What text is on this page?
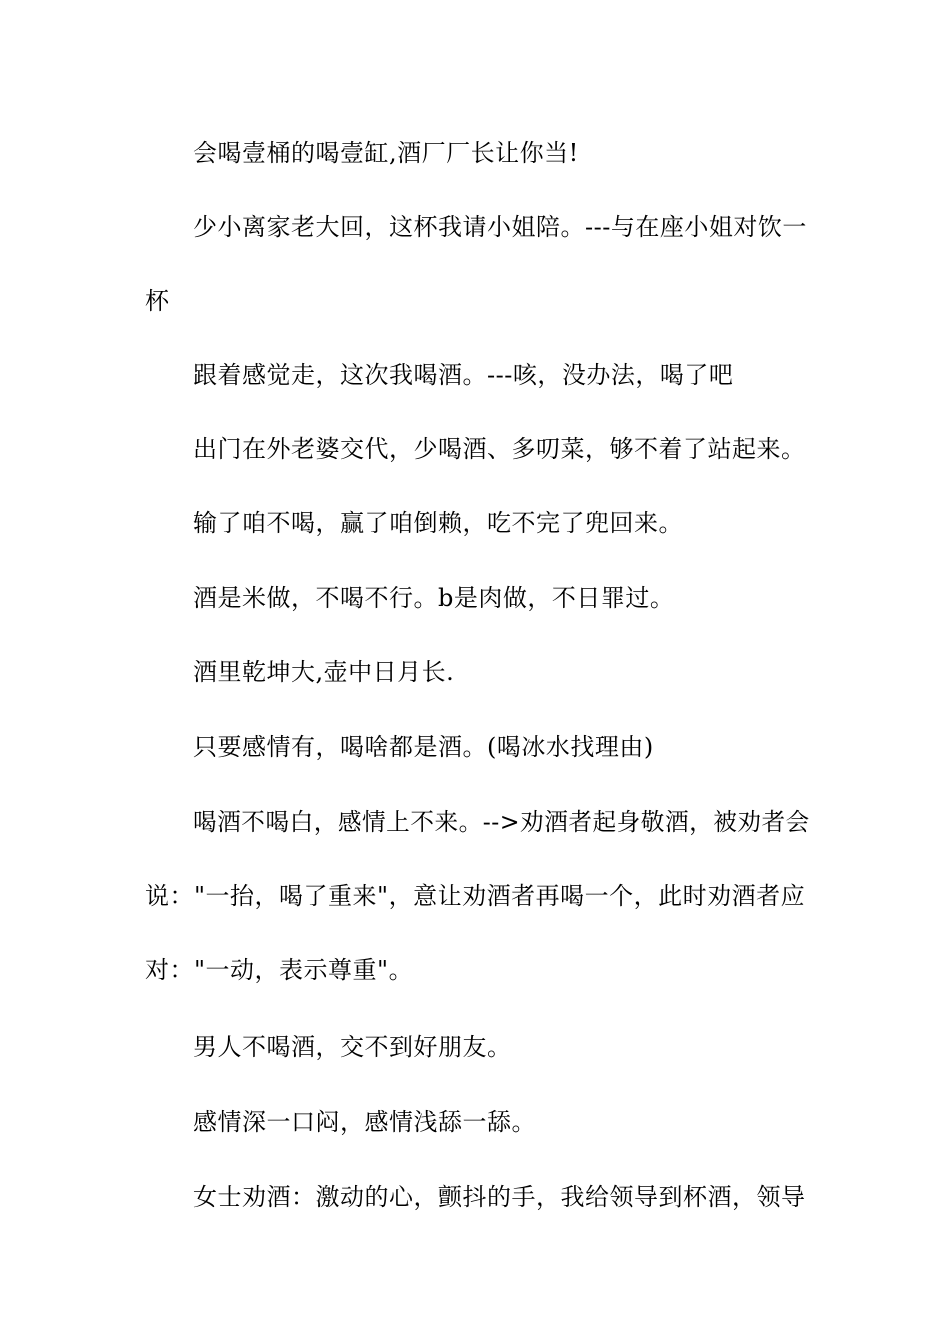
会喝壹桶的喝壹缸,酒厂厂长让你当!
少小离家老大回，这杯我请小姐陪。---与在座小姐对饮一
杯
跟着感觉走，这次我喝酒。---咳，没办法，喝了吧
出门在外老婆交代，少喝酒、多叨菜，够不着了站起来。
输了咱不喝，赢了咱倒赖，吃不完了兜回来。
酒是米做，不喝不行。b是肉做，不日罪过。
酒里乾坤大,壶中日月长.
只要感情有，喝啥都是酒。(喝冰水找理由)
喝酒不喝白，感情上不来。-->劝酒者起身敬酒，被劝者会
说："一抬，喝了重来"，意让劝酒者再喝一个，此时劝酒者应
对："一动，表示尊重"。
男人不喝酒，交不到好朋友。
感情深一口闷，感情浅舔一舔。
女士劝酒：激动的心，颤抖的手，我给领导到杯酒，领导
